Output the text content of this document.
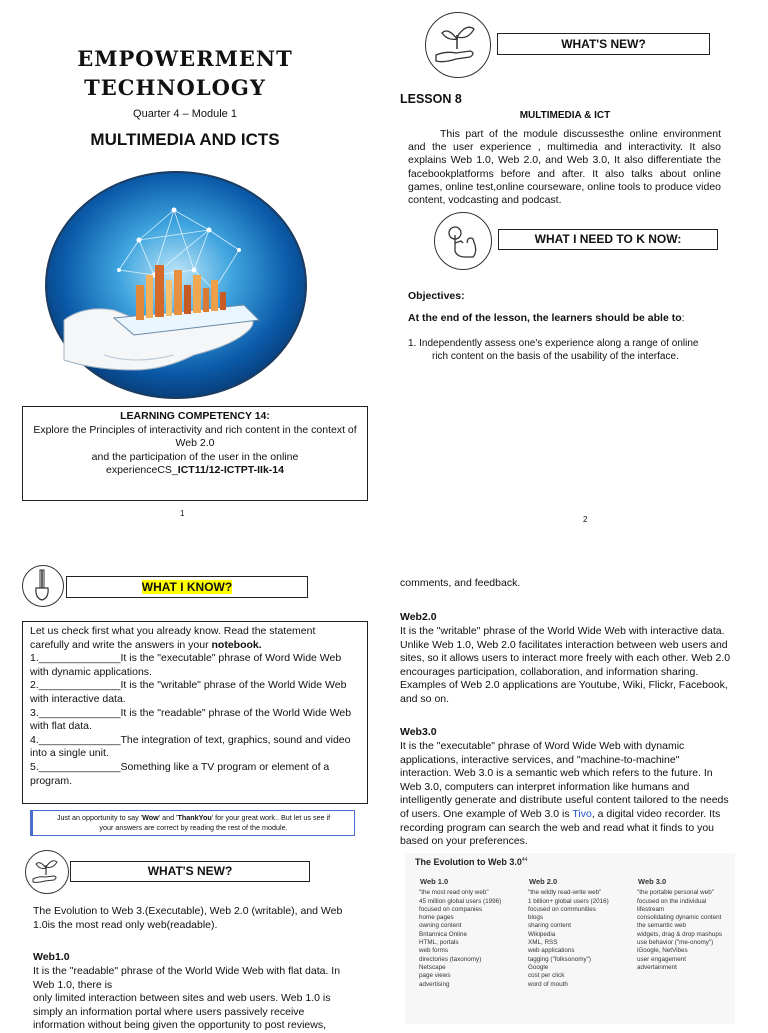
EMPOWERMENT
TECHNOLOGY
Quarter 4 – Module 1
MULTIMEDIA AND ICTS
LEARNING COMPETENCY 14:
Explore the Principles of interactivity and rich content in the context of Web 2.0
and the participation of the user in the online
experienceCS_ICT11/12-ICTPT-IIk-14
1
WHAT'S NEW?
LESSON 8
MULTIMEDIA & ICT
This part of the module discussesthe online environment and the user experience , multimedia and interactivity. It also explains Web 1.0, Web 2.0, and Web 3.0, It also differentiate the facebookplatforms before and after. It also talks about online games, online test,online courseware, online tools to produce video content, vodcasting and podcast.
WHAT I NEED TO K NOW:
Objectives:
At the end of the lesson, the learners should be able to:
1. Independently assess one's experience along a range of online
rich content on the basis of the usability of the interface.
2
WHAT I KNOW?
Let us check first what you already know. Read the statement
carefully and write the answers in your notebook.
1.______________It is the "executable" phrase of Word Wide Web
with dynamic applications.
2.______________It is the "writable" phrase of the World Wide Web
with interactive data.
3.______________It is the "readable" phrase of the World Wide Web
with flat data.
4.______________The integration of text, graphics, sound and video
into a single unit.
5.______________Something like a TV program or element of a
program.
Just an opportunity to say 'Wow' and 'ThankYou' for your great work.. But let us see if
your answers are correct by reading the rest of the module.
WHAT'S NEW?
The Evolution to Web 3.(Executable), Web 2.0 (writable), and Web 1.0is the most read only web(readable).
Web1.0
It is the "readable" phrase of the World Wide Web with flat data. In
Web 1.0, there is
only limited interaction between sites and web users. Web 1.0 is
simply an information portal where users passively receive
information without being given the opportunity to post reviews,
comments, and feedback.
Web2.0
It is the "writable" phrase of the World Wide Web with interactive data. Unlike Web 1.0, Web 2.0 facilitates interaction between web users and sites, so it allows users to interact more freely with each other. Web 2.0 encourages participation, collaboration, and information sharing. Examples of Web 2.0 applications are Youtube, Wiki, Flickr, Facebook, and so on.
Web3.0
It is the "executable" phrase of Word Wide Web with dynamic applications, interactive services, and "machine-to-machine" interaction. Web 3.0 is a semantic web which refers to the future. In Web 3.0, computers can interpret information like humans and intelligently generate and distribute useful content tailored to the needs of users. One example of Web 3.0 is Tivo, a digital video recorder. Its recording program can search the web and read what it finds to you based on your preferences.
The Evolution to Web $3.0^{44}$
Web 1.0	Web 2.0	Web 3.0
"the most read only web"	"the wildly read-write web"	"the portable personal web"
45 million global users (1996)	1 billion+ global users (2016)	focused on the individual
focused on companies	focused on communities	lifestream
home pages	blogs	consolidating dynamic content
owning content	sharing content	the semantic web
Britannica Online	Wikipedia	widgets, drag & drop mashups
HTML, portals	XML, RSS	use behavior ("me-onomy")
web forms	web applications	iGoogle, NetVibes
directories (taxonomy)	tagging ("folksonomy")	user engagement
Netscape	Google	advertainment
page views	cost per click	
advertising	word of mouth	
